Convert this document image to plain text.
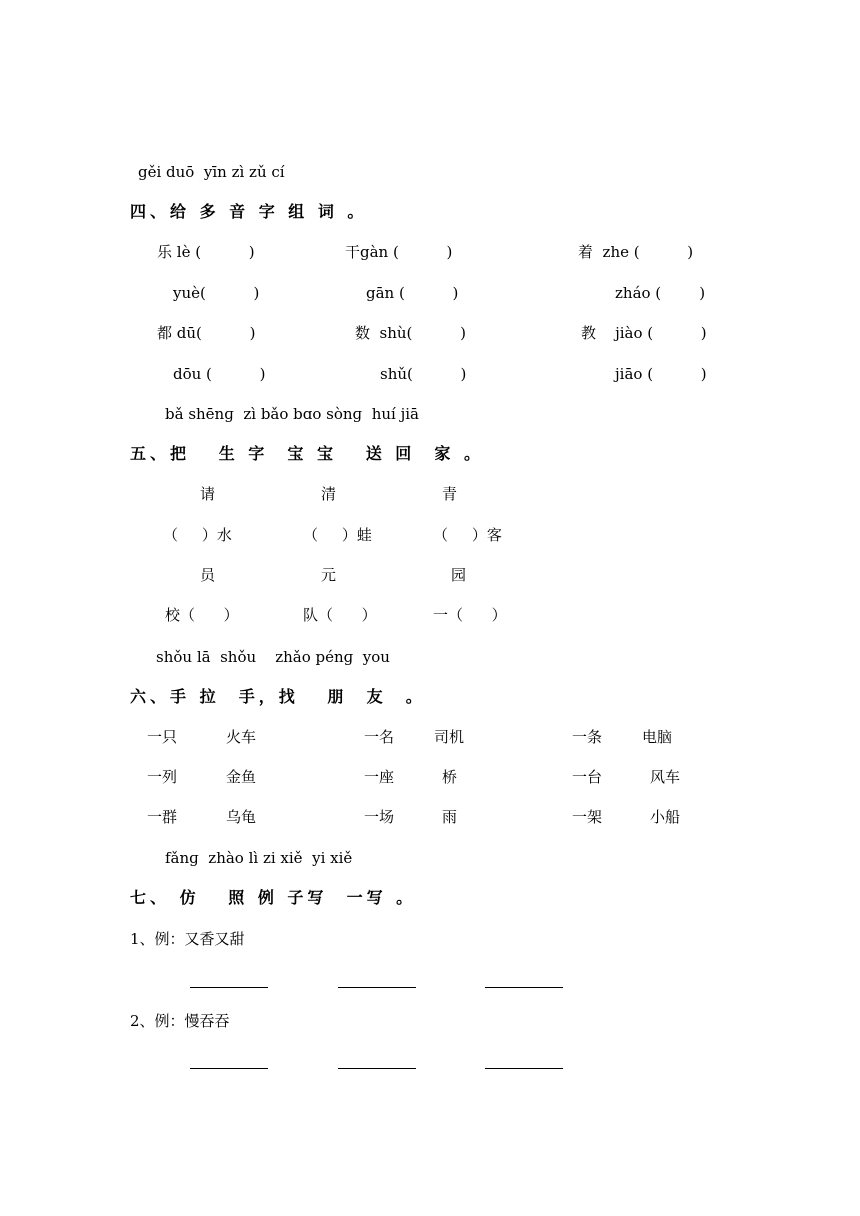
gěi duō  yīn zì zǔ cí
四、给 多 音 字 组 词 。
乐 lè (          )	干gàn (          )	着  zhe (          )
yuè(          )	gān (          )	zháo (        )
都 dū(          )	数  shù(          )	教    jiào (          )
dōu (          )	shǔ(          )	jiāo (          )
bǎ shēnɡ  zì bǎo bɑo sònɡ  huí jiā
五、把   生 字  宝 宝   送 回  家 。
请	清	青
（     ）水	（     ）蛙	（     ）客
员	元	园
校（      ）	队（      ）	一（      ）
shǒu lā  shǒu    zhǎo pénɡ  you
六、手 拉  手，找   朋  友  。
一只	火车	一名	司机	一条	电脑
一列	金鱼	一座	桥	一台	风车
一群	乌龟	一场	雨	一架	小船
fǎnɡ  zhào lì zi xiě  yi xiě
七、 仿   照 例 子写  一写 。
1、例：又香又甜
2、例：慢吞吞
